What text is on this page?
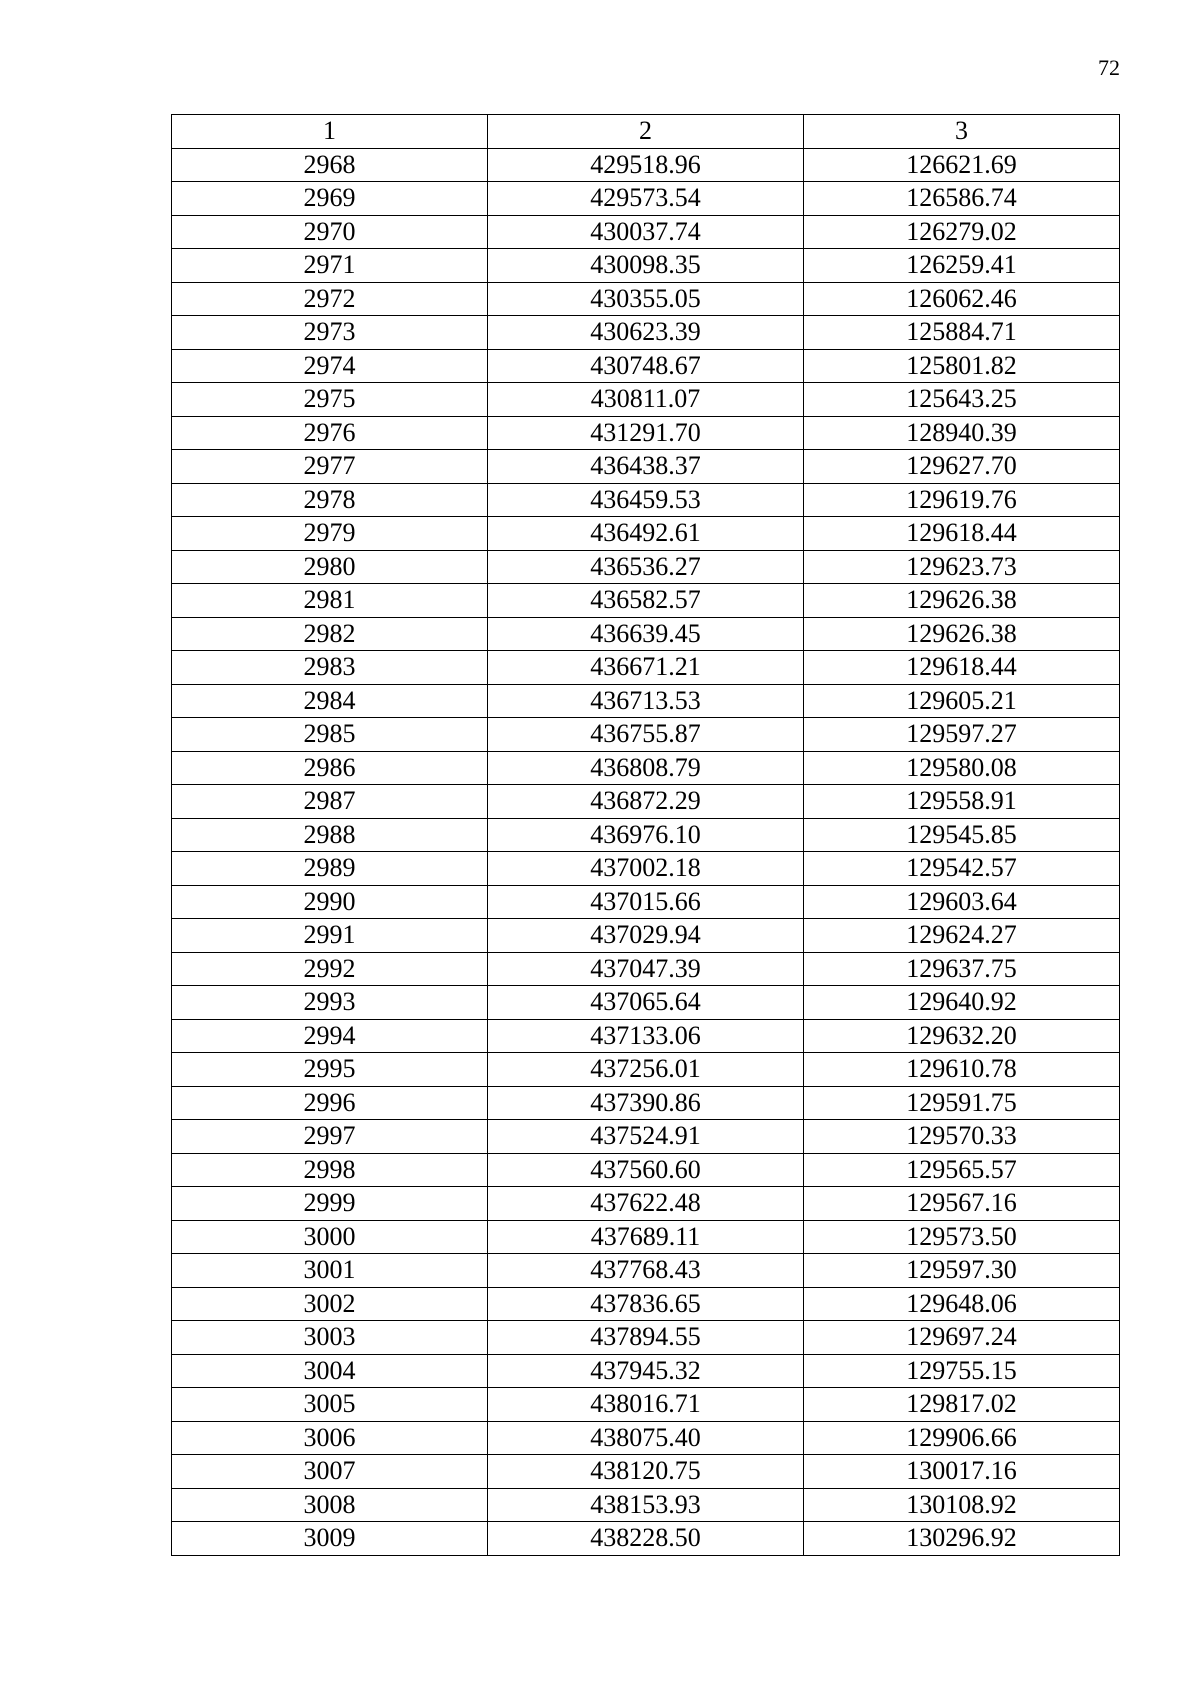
72
1	2	3
2968	429518.96	126621.69
2969	429573.54	126586.74
2970	430037.74	126279.02
2971	430098.35	126259.41
2972	430355.05	126062.46
2973	430623.39	125884.71
2974	430748.67	125801.82
2975	430811.07	125643.25
2976	431291.70	128940.39
2977	436438.37	129627.70
2978	436459.53	129619.76
2979	436492.61	129618.44
2980	436536.27	129623.73
2981	436582.57	129626.38
2982	436639.45	129626.38
2983	436671.21	129618.44
2984	436713.53	129605.21
2985	436755.87	129597.27
2986	436808.79	129580.08
2987	436872.29	129558.91
2988	436976.10	129545.85
2989	437002.18	129542.57
2990	437015.66	129603.64
2991	437029.94	129624.27
2992	437047.39	129637.75
2993	437065.64	129640.92
2994	437133.06	129632.20
2995	437256.01	129610.78
2996	437390.86	129591.75
2997	437524.91	129570.33
2998	437560.60	129565.57
2999	437622.48	129567.16
3000	437689.11	129573.50
3001	437768.43	129597.30
3002	437836.65	129648.06
3003	437894.55	129697.24
3004	437945.32	129755.15
3005	438016.71	129817.02
3006	438075.40	129906.66
3007	438120.75	130017.16
3008	438153.93	130108.92
3009	438228.50	130296.92
